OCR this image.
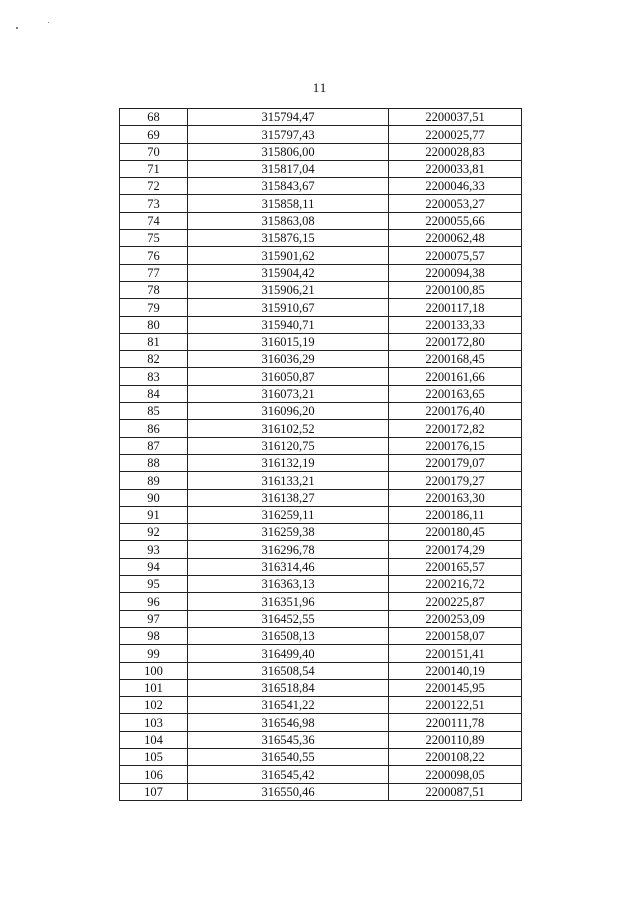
11
68	315794,47	2200037,51
69	315797,43	2200025,77
70	315806,00	2200028,83
71	315817,04	2200033,81
72	315843,67	2200046,33
73	315858,11	2200053,27
74	315863,08	2200055,66
75	315876,15	2200062,48
76	315901,62	2200075,57
77	315904,42	2200094,38
78	315906,21	2200100,85
79	315910,67	2200117,18
80	315940,71	2200133,33
81	316015,19	2200172,80
82	316036,29	2200168,45
83	316050,87	2200161,66
84	316073,21	2200163,65
85	316096,20	2200176,40
86	316102,52	2200172,82
87	316120,75	2200176,15
88	316132,19	2200179,07
89	316133,21	2200179,27
90	316138,27	2200163,30
91	316259,11	2200186,11
92	316259,38	2200180,45
93	316296,78	2200174,29
94	316314,46	2200165,57
95	316363,13	2200216,72
96	316351,96	2200225,87
97	316452,55	2200253,09
98	316508,13	2200158,07
99	316499,40	2200151,41
100	316508,54	2200140,19
101	316518,84	2200145,95
102	316541,22	2200122,51
103	316546,98	2200111,78
104	316545,36	2200110,89
105	316540,55	2200108,22
106	316545,42	2200098,05
107	316550,46	2200087,51
